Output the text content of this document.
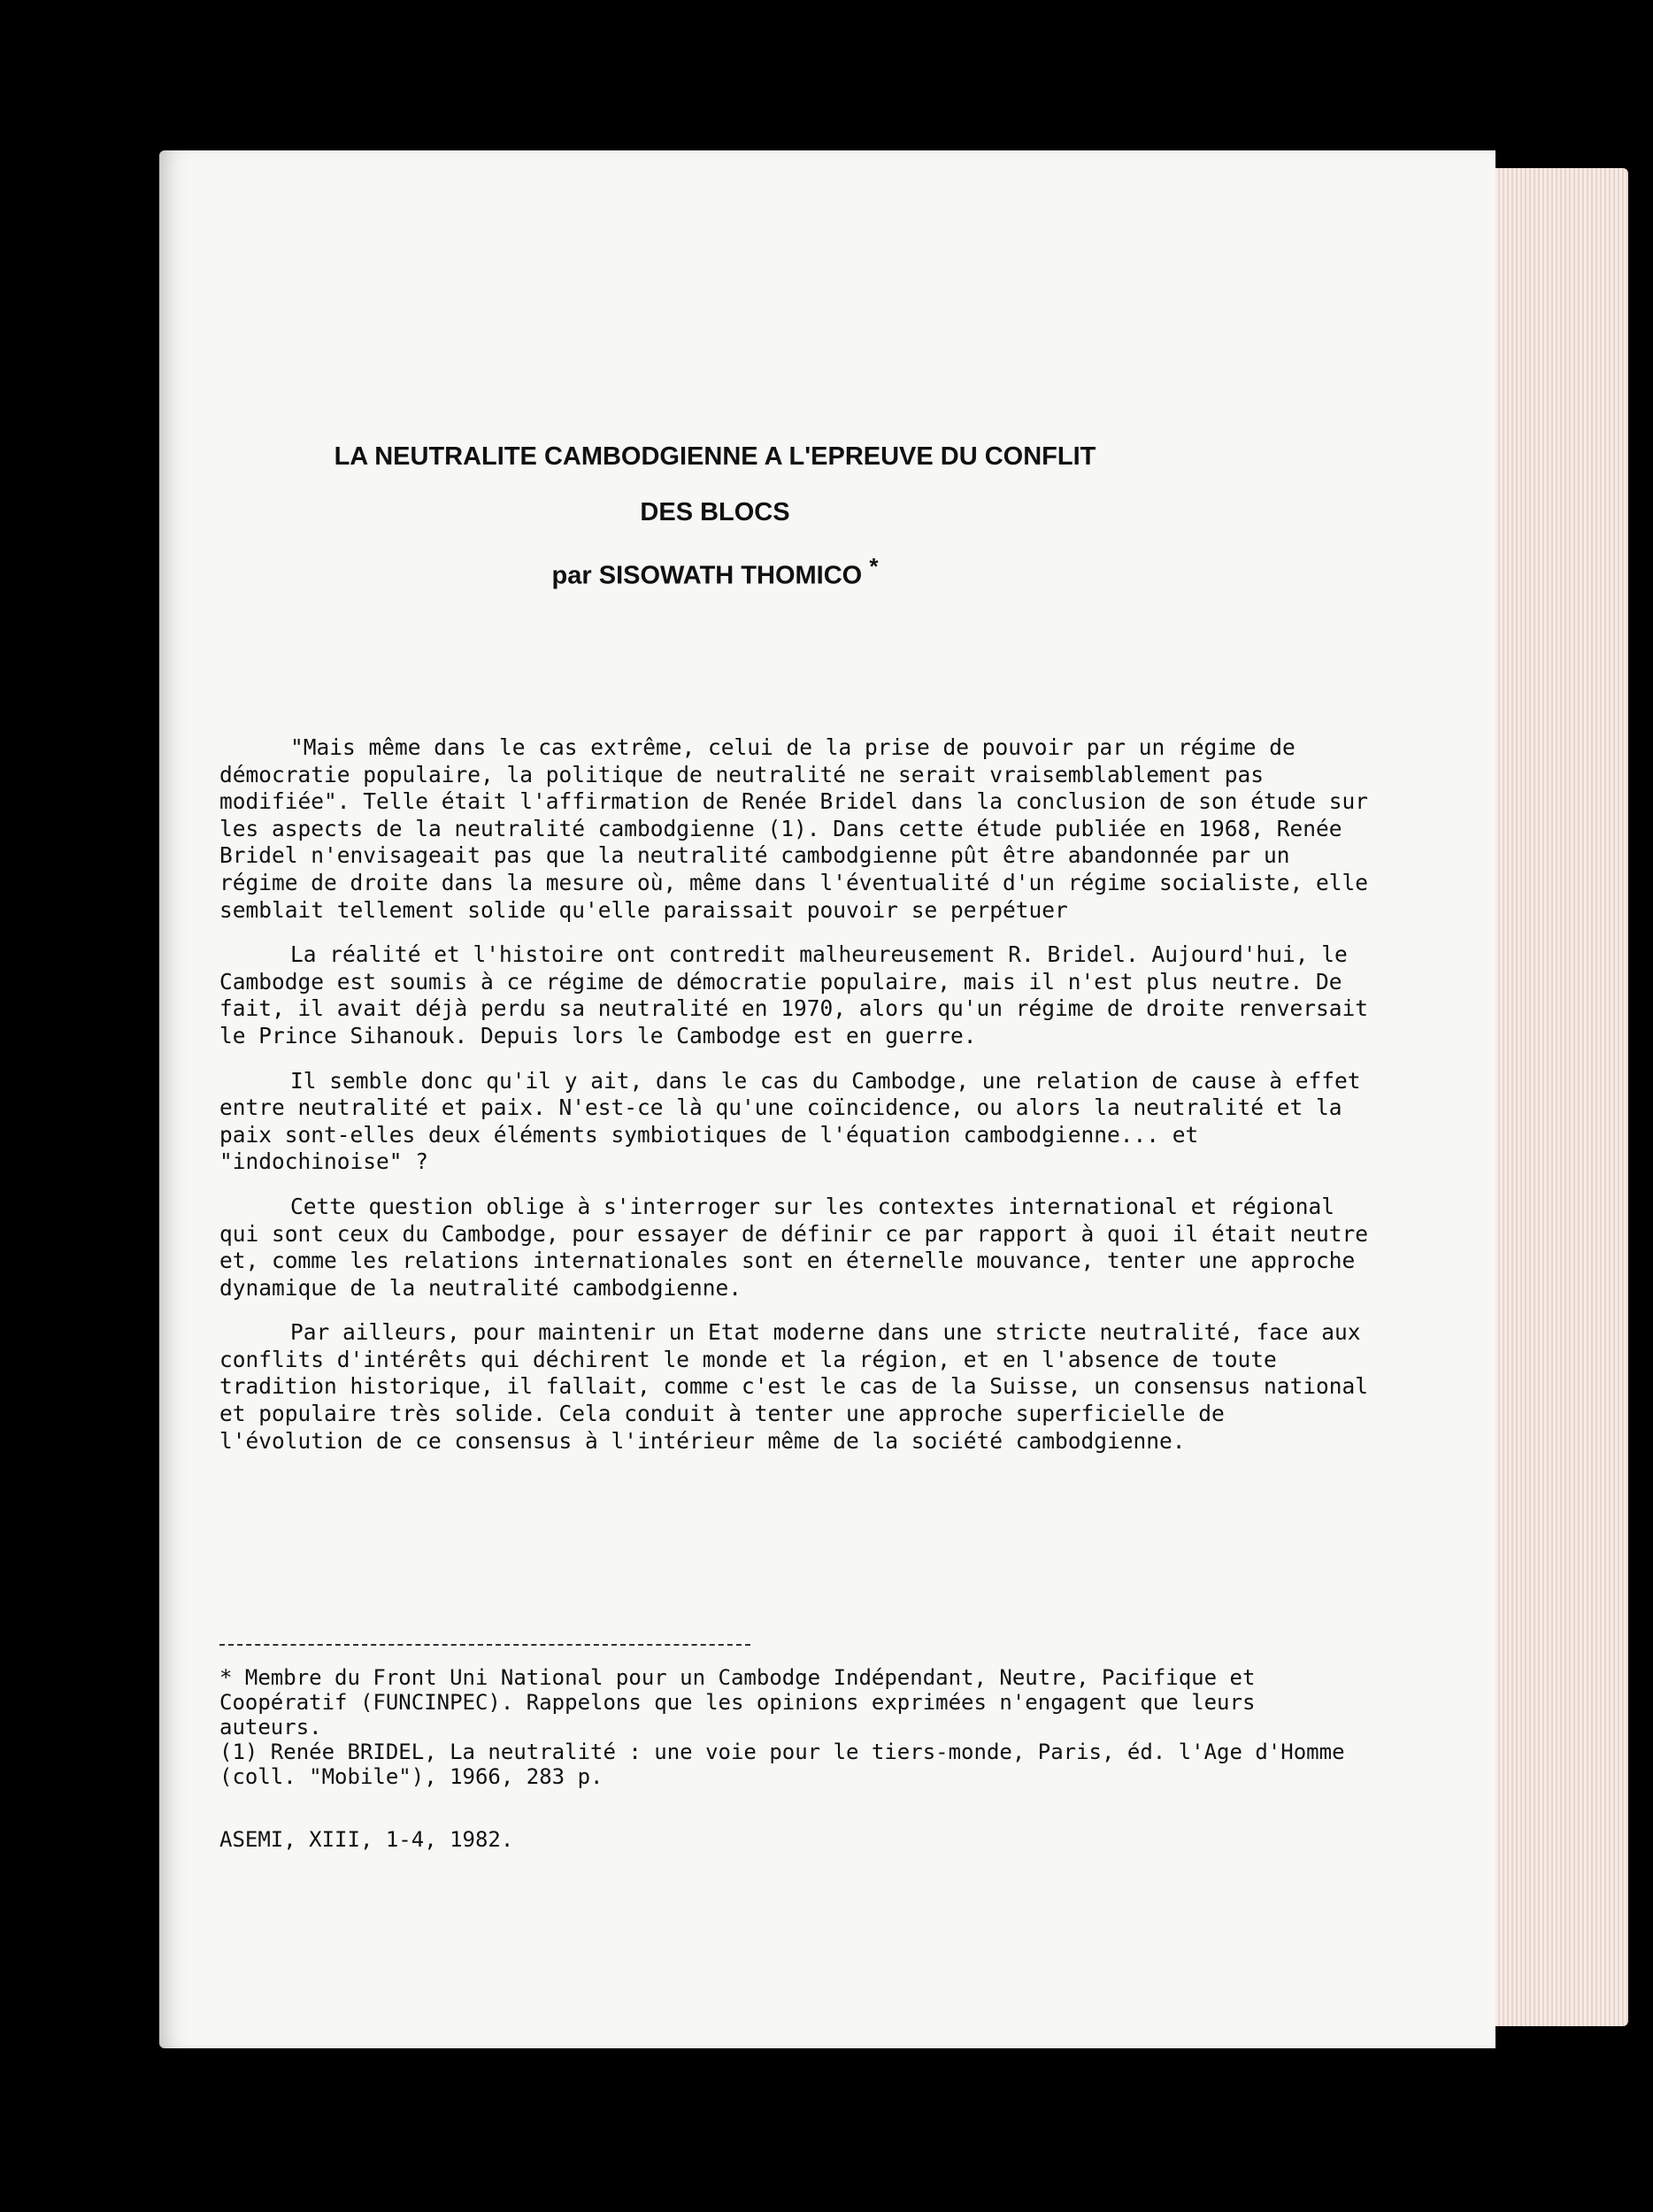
LA NEUTRALITE CAMBODGIENNE A L'EPREUVE DU CONFLIT
DES BLOCS
par SISOWATH THOMICO *

"Mais même dans le cas extrême, celui de la prise de pouvoir par un régime de démocratie populaire, la politique de neutralité ne serait vraisemblablement pas modifiée". Telle était l'affirmation de Renée Bridel dans la conclusion de son étude sur les aspects de la neutralité cambodgienne (1). Dans cette étude publiée en 1968, Renée Bridel n'envisageait pas que la neutralité cambodgienne pût être abandonnée par un régime de droite dans la mesure où, même dans l'éventualité d'un régime socialiste, elle semblait tellement solide qu'elle paraissait pouvoir se perpétuer

La réalité et l'histoire ont contredit malheureusement R. Bridel. Aujourd'hui, le Cambodge est soumis à ce régime de démocratie populaire, mais il n'est plus neutre. De fait, il avait déjà perdu sa neutralité en 1970, alors qu'un régime de droite renversait le Prince Sihanouk. Depuis lors le Cambodge est en guerre.

Il semble donc qu'il y ait, dans le cas du Cambodge, une relation de cause à effet entre neutralité et paix. N'est-ce là qu'une coïncidence, ou alors la neutralité et la paix sont-elles deux éléments symbiotiques de l'équation cambodgienne... et "indochinoise" ?

Cette question oblige à s'interroger sur les contextes international et régional qui sont ceux du Cambodge, pour essayer de définir ce par rapport à quoi il était neutre et, comme les relations internationales sont en éternelle mouvance, tenter une approche dynamique de la neutralité cambodgienne.

Par ailleurs, pour maintenir un Etat moderne dans une stricte neutralité, face aux conflits d'intérêts qui déchirent le monde et la région, et en l'absence de toute tradition historique, il fallait, comme c'est le cas de la Suisse, un consensus national et populaire très solide. Cela conduit à tenter une approche superficielle de l'évolution de ce consensus à l'intérieur même de la société cambodgienne.

* Membre du Front Uni National pour un Cambodge Indépendant, Neutre, Pacifique et Coopératif (FUNCINPEC). Rappelons que les opinions exprimées n'engagent que leurs auteurs.

(1) Renée BRIDEL, La neutralité : une voie pour le tiers-monde, Paris, éd. l'Age d'Homme (coll. "Mobile"), 1966, 283 p.

ASEMI, XIII, 1-4, 1982.
